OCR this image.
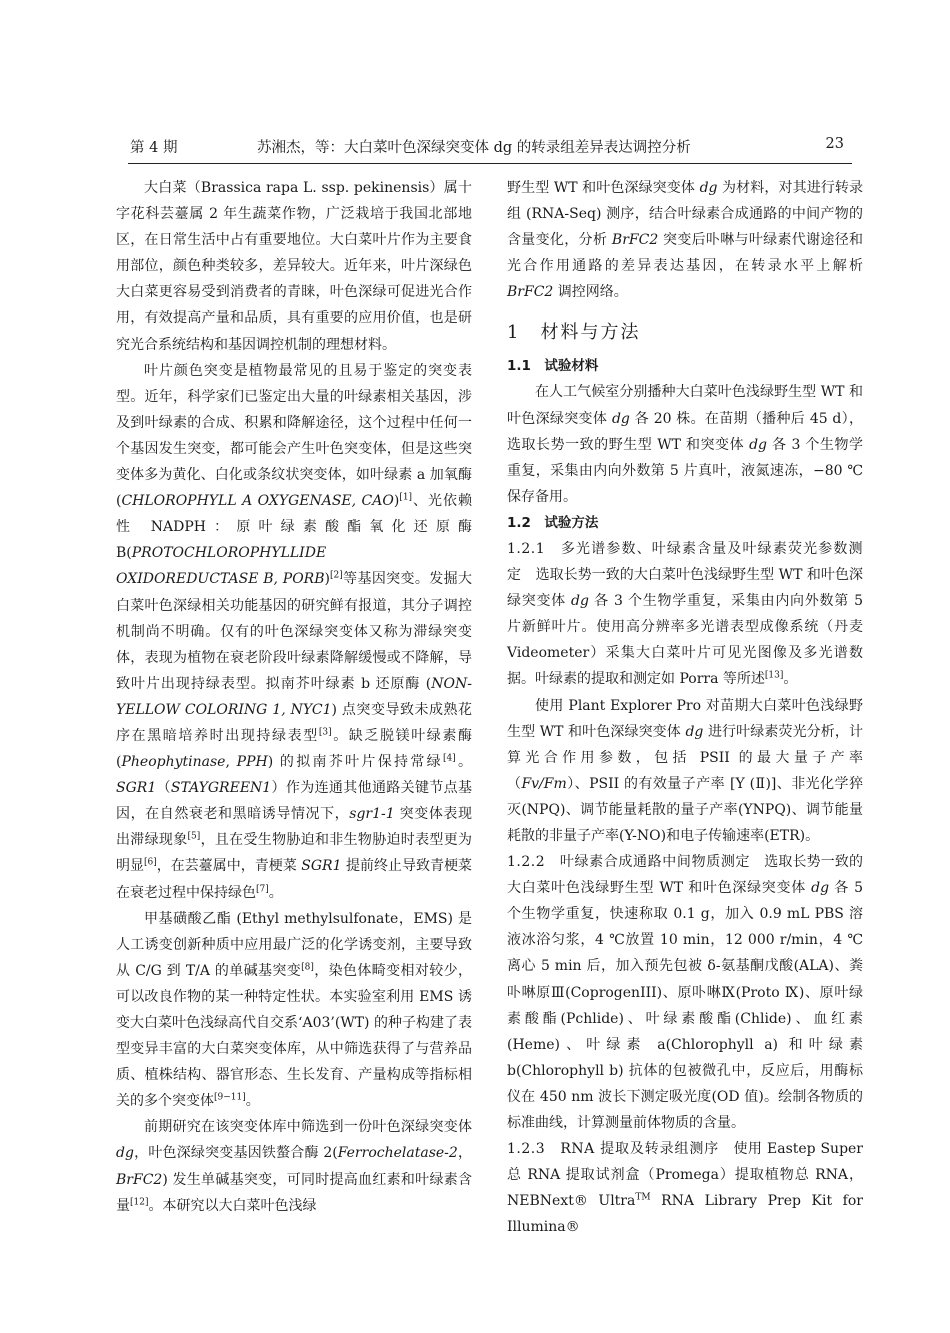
第 4 期	苏湘杰，等：大白菜叶色深绿突变体 dg 的转录组差异表达调控分析	23

大白菜（Brassica rapa L. ssp. pekinensis）属十字花科芸薹属 2 年生蔬菜作物，广泛栽培于我国北部地区，在日常生活中占有重要地位。大白菜叶片作为主要食用部位，颜色种类较多，差异较大。近年来，叶片深绿色大白菜更容易受到消费者的青睐，叶色深绿可促进光合作用，有效提高产量和品质，具有重要的应用价值，也是研究光合系统结构和基因调控机制的理想材料。

叶片颜色突变是植物最常见的且易于鉴定的突变表型。近年，科学家们已鉴定出大量的叶绿素相关基因，涉及到叶绿素的合成、积累和降解途径，这个过程中任何一个基因发生突变，都可能会产生叶色突变体，但是这些突变体多为黄化、白化或条纹状突变体，如叶绿素 a 加氧酶 (CHLOROPHYLL A OXYGENASE, CAO)[1]、光依赖性 NADPH：原叶绿素酸酯氧化还原酶 B(PROTOCHLOROPHYLLIDE OXIDOREDUCTASE B, PORB)[2]等基因突变。发掘大白菜叶色深绿相关功能基因的研究鲜有报道，其分子调控机制尚不明确。仅有的叶色深绿突变体又称为滞绿突变体，表现为植物在衰老阶段叶绿素降解缓慢或不降解，导致叶片出现持绿表型。拟南芥叶绿素 b 还原酶 (NON-YELLOW COLORING 1, NYC1) 点突变导致未成熟花序在黑暗培养时出现持绿表型[3]。缺乏脱镁叶绿素酶 (Pheophytinase, PPH) 的拟南芥叶片保持常绿[4]。SGR1（STAYGREEN1）作为连通其他通路关键节点基因，在自然衰老和黑暗诱导情况下，sgr1-1 突变体表现出滞绿现象[5]，且在受生物胁迫和非生物胁迫时表型更为明显[6]，在芸薹属中，青梗菜 SGR1 提前终止导致青梗菜在衰老过程中保持绿色[7]。

甲基磺酸乙酯 (Ethyl methylsulfonate，EMS) 是人工诱变创新种质中应用最广泛的化学诱变剂，主要导致从 C/G 到 T/A 的单碱基突变[8]，染色体畸变相对较少，可以改良作物的某一种特定性状。本实验室利用 EMS 诱变大白菜叶色浅绿高代自交系‘A03’(WT) 的种子构建了表型变异丰富的大白菜突变体库，从中筛选获得了与营养品质、植株结构、器官形态、生长发育、产量构成等指标相关的多个突变体[9−11]。

前期研究在该突变体库中筛选到一份叶色深绿突变体 dg，叶色深绿突变基因铁螯合酶 2(Ferrochelatase-2，BrFC2) 发生单碱基突变，可同时提高血红素和叶绿素含量[12]。本研究以大白菜叶色浅绿

野生型 WT 和叶色深绿突变体 dg 为材料，对其进行转录组 (RNA-Seq) 测序，结合叶绿素合成通路的中间产物的含量变化，分析 BrFC2 突变后卟啉与叶绿素代谢途径和光合作用通路的差异表达基因，在转录水平上解析 BrFC2 调控网络。

1　材料与方法
1.1　试验材料

在人工气候室分别播种大白菜叶色浅绿野生型 WT 和叶色深绿突变体 dg 各 20 株。在苗期（播种后 45 d），选取长势一致的野生型 WT 和突变体 dg 各 3 个生物学重复，采集由内向外数第 5 片真叶，液氮速冻，−80 ℃保存备用。

1.2　试验方法

1.2.1　多光谱参数、叶绿素含量及叶绿素荧光参数测定　选取长势一致的大白菜叶色浅绿野生型 WT 和叶色深绿突变体 dg 各 3 个生物学重复，采集由内向外数第 5 片新鲜叶片。使用高分辨率多光谱表型成像系统（丹麦 Videometer）采集大白菜叶片可见光图像及多光谱数据。叶绿素的提取和测定如 Porra 等所述[13]。

使用 Plant Explorer Pro 对苗期大白菜叶色浅绿野生型 WT 和叶色深绿突变体 dg 进行叶绿素荧光分析，计算光合作用参数，包括 PSII 的最大量子产率（Fv/Fm）、PSII 的有效量子产率 [Y (Ⅱ)]、非光化学猝灭(NPQ)、调节能量耗散的量子产率(YNPQ)、调节能量耗散的非量子产率(Y-NO)和电子传输速率(ETR)。

1.2.2　叶绿素合成通路中间物质测定　选取长势一致的大白菜叶色浅绿野生型 WT 和叶色深绿突变体 dg 各 5 个生物学重复，快速称取 0.1 g，加入 0.9 mL PBS 溶液冰浴匀浆，4 ℃放置 10 min，12 000 r/min，4 ℃离心 5 min 后，加入预先包被 δ-氨基酮戊酸(ALA)、粪卟啉原Ⅲ(CoprogenIII)、原卟啉Ⅸ(Proto Ⅸ)、原叶绿素酸酯(Pchlide)、叶绿素酸酯(Chlide)、血红素(Heme)、叶绿素 a(Chlorophyll a) 和叶绿素 b(Chlorophyll b) 抗体的包被微孔中，反应后，用酶标仪在 450 nm 波长下测定吸光度(OD 值)。绘制各物质的标准曲线，计算测量前体物质的含量。

1.2.3　RNA 提取及转录组测序　使用 Eastep Super 总 RNA 提取试剂盒（Promega）提取植物总 RNA，NEBNext® Ultra™ RNA Library Prep Kit for Illumina®
